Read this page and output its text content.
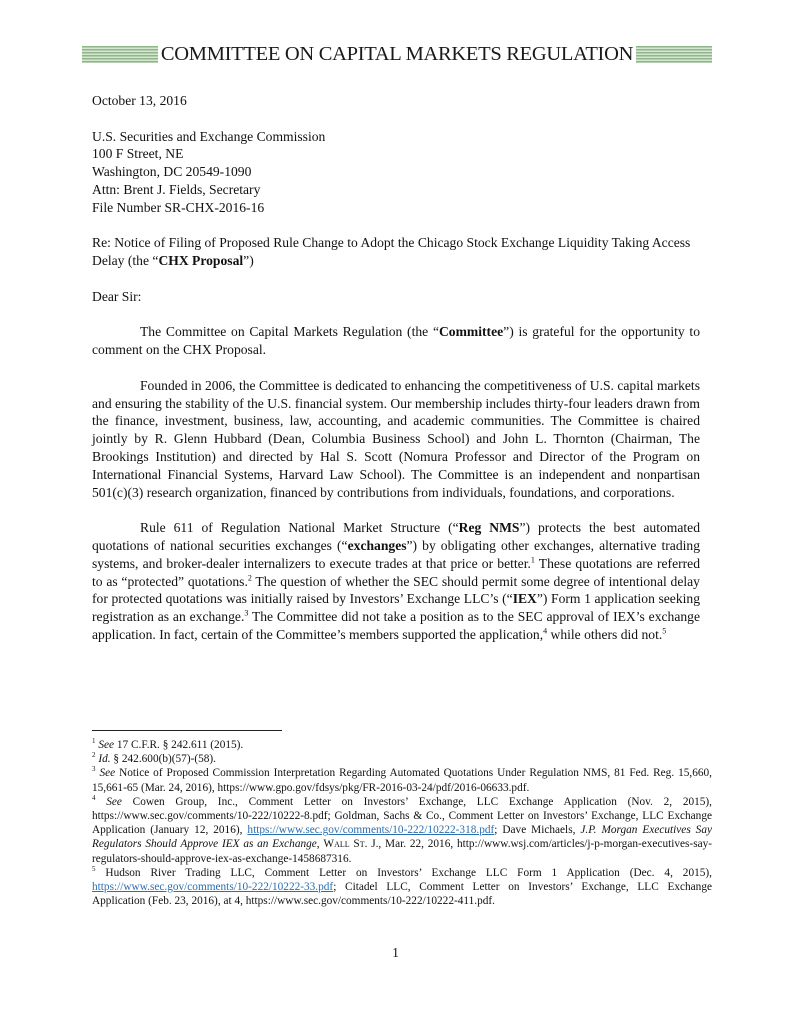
COMMITTEE ON CAPITAL MARKETS REGULATION
October 13, 2016
U.S. Securities and Exchange Commission
100 F Street, NE
Washington, DC 20549-1090
Attn: Brent J. Fields, Secretary
File Number SR-CHX-2016-16

Re: Notice of Filing of Proposed Rule Change to Adopt the Chicago Stock Exchange Liquidity Taking Access Delay (the “CHX Proposal”)

Dear Sir:

The Committee on Capital Markets Regulation (the “Committee”) is grateful for the opportunity to comment on the CHX Proposal.

Founded in 2006, the Committee is dedicated to enhancing the competitiveness of U.S. capital markets and ensuring the stability of the U.S. financial system. Our membership includes thirty-four leaders drawn from the finance, investment, business, law, accounting, and academic communities. The Committee is chaired jointly by R. Glenn Hubbard (Dean, Columbia Business School) and John L. Thornton (Chairman, The Brookings Institution) and directed by Hal S. Scott (Nomura Professor and Director of the Program on International Financial Systems, Harvard Law School). The Committee is an independent and nonpartisan 501(c)(3) research organization, financed by contributions from individuals, foundations, and corporations.

Rule 611 of Regulation National Market Structure (“Reg NMS”) protects the best automated quotations of national securities exchanges (“exchanges”) by obligating other exchanges, alternative trading systems, and broker-dealer internalizers to execute trades at that price or better.$^1$ These quotations are referred to as “protected” quotations.$^2$ The question of whether the SEC should permit some degree of intentional delay for protected quotations was initially raised by Investors’ Exchange LLC’s (“IEX”) Form 1 application seeking registration as an exchange.$^3$ The Committee did not take a position as to the SEC approval of IEX’s exchange application. In fact, certain of the Committee’s members supported the application,$^4$ while others did not.$^5$

$^1$ See 17 C.F.R. § 242.611 (2015).

$^2$ Id. § 242.600(b)(57)-(58).

$^3$ See Notice of Proposed Commission Interpretation Regarding Automated Quotations Under Regulation NMS, 81 Fed. Reg. 15,660, 15,661-65 (Mar. 24, 2016), https://www.gpo.gov/fdsys/pkg/FR-2016-03-24/pdf/2016-06633.pdf.

$^4$ See Cowen Group, Inc., Comment Letter on Investors’ Exchange, LLC Exchange Application (Nov. 2, 2015), https://www.sec.gov/comments/10-222/10222-8.pdf; Goldman, Sachs & Co., Comment Letter on Investors’ Exchange, LLC Exchange Application (January 12, 2016), https://www.sec.gov/comments/10-222/10222-318.pdf; Dave Michaels, J.P. Morgan Executives Say Regulators Should Approve IEX as an Exchange, Wall St. J., Mar. 22, 2016, http://www.wsj.com/articles/j-p-morgan-executives-say-regulators-should-approve-iex-as-exchange-1458687316.

$^5$ Hudson River Trading LLC, Comment Letter on Investors’ Exchange LLC Form 1 Application (Dec. 4, 2015), https://www.sec.gov/comments/10-222/10222-33.pdf; Citadel LLC, Comment Letter on Investors’ Exchange, LLC Exchange Application (Feb. 23, 2016), at 4, https://www.sec.gov/comments/10-222/10222-411.pdf.

1
